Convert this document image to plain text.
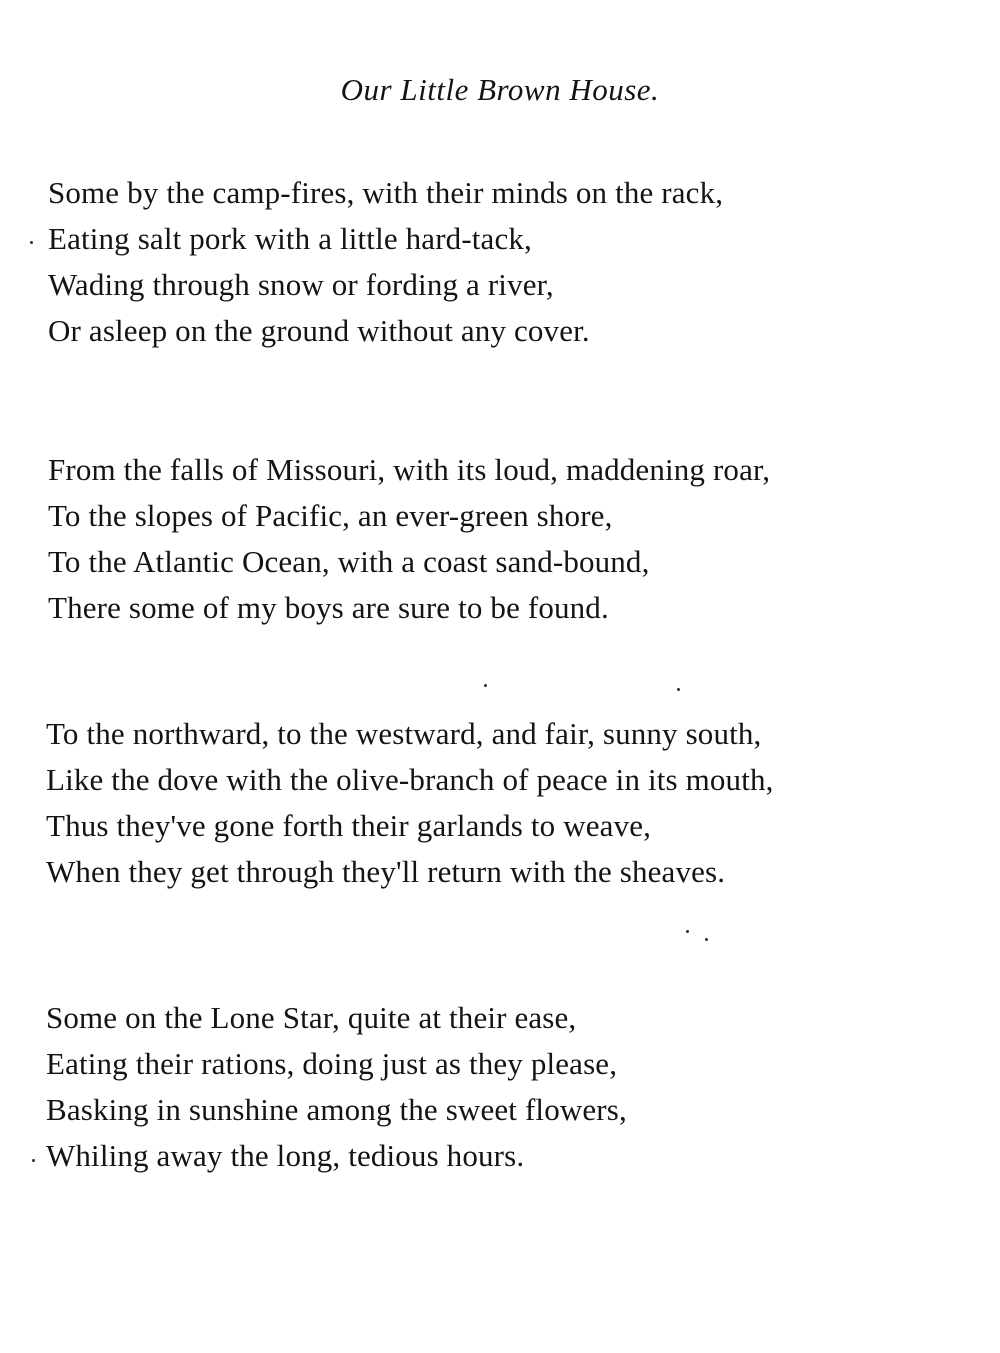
Our Little Brown House.
Some by the camp-fires, with their minds on the rack,
Eating salt pork with a little hard-tack,
Wading through snow or fording a river,
Or asleep on the ground without any cover.
From the falls of Missouri, with its loud, maddening roar,
To the slopes of Pacific, an ever-green shore,
To the Atlantic Ocean, with a coast sand-bound,
There some of my boys are sure to be found.
To the northward, to the westward, and fair, sunny south,
Like the dove with the olive-branch of peace in its mouth,
Thus they've gone forth their garlands to weave,
When they get through they'll return with the sheaves.
Some on the Lone Star, quite at their ease,
Eating their rations, doing just as they please,
Basking in sunshine among the sweet flowers,
Whiling away the long, tedious hours.
